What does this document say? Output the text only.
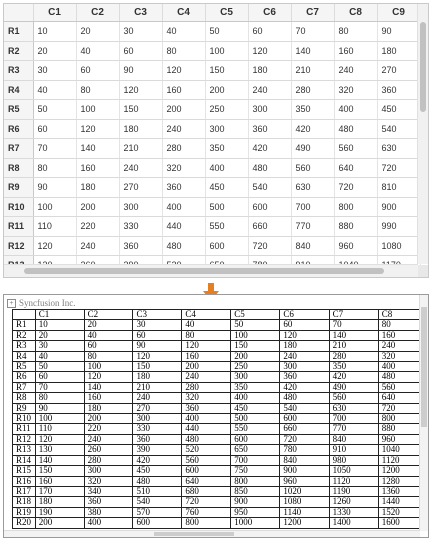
	C1	C2	C3	C4	C5	C6	C7	C8	C9
R1	10	20	30	40	50	60	70	80	90
R2	20	40	60	80	100	120	140	160	180
R3	30	60	90	120	150	180	210	240	270
R4	40	80	120	160	200	240	280	320	360
R5	50	100	150	200	250	300	350	400	450
R6	60	120	180	240	300	360	420	480	540
R7	70	140	210	280	350	420	490	560	630
R8	80	160	240	320	400	480	560	640	720
R9	90	180	270	360	450	540	630	720	810
R10	100	200	300	400	500	600	700	800	900
R11	110	220	330	440	550	660	770	880	990
R12	120	240	360	480	600	720	840	960	1080

+ Syncfusion Inc.
	C1	C2	C3	C4	C5	C6	C7	C8
R1	10	20	30	40	50	60	70	80
R2	20	40	60	80	100	120	140	160
R3	30	60	90	120	150	180	210	240
R4	40	80	120	160	200	240	280	320
R5	50	100	150	200	250	300	350	400
R6	60	120	180	240	300	360	420	480
R7	70	140	210	280	350	420	490	560
R8	80	160	240	320	400	480	560	640
R9	90	180	270	360	450	540	630	720
R10	100	200	300	400	500	600	700	800
R11	110	220	330	440	550	660	770	880
R12	120	240	360	480	600	720	840	960
R13	130	260	390	520	650	780	910	1040
R14	140	280	420	560	700	840	980	1120
R15	150	300	450	600	750	900	1050	1200
R16	160	320	480	640	800	960	1120	1280
R17	170	340	510	680	850	1020	1190	1360
R18	180	360	540	720	900	1080	1260	1440
R19	190	380	570	760	950	1140	1330	1520
R20	200	400	600	800	1000	1200	1400	1600
